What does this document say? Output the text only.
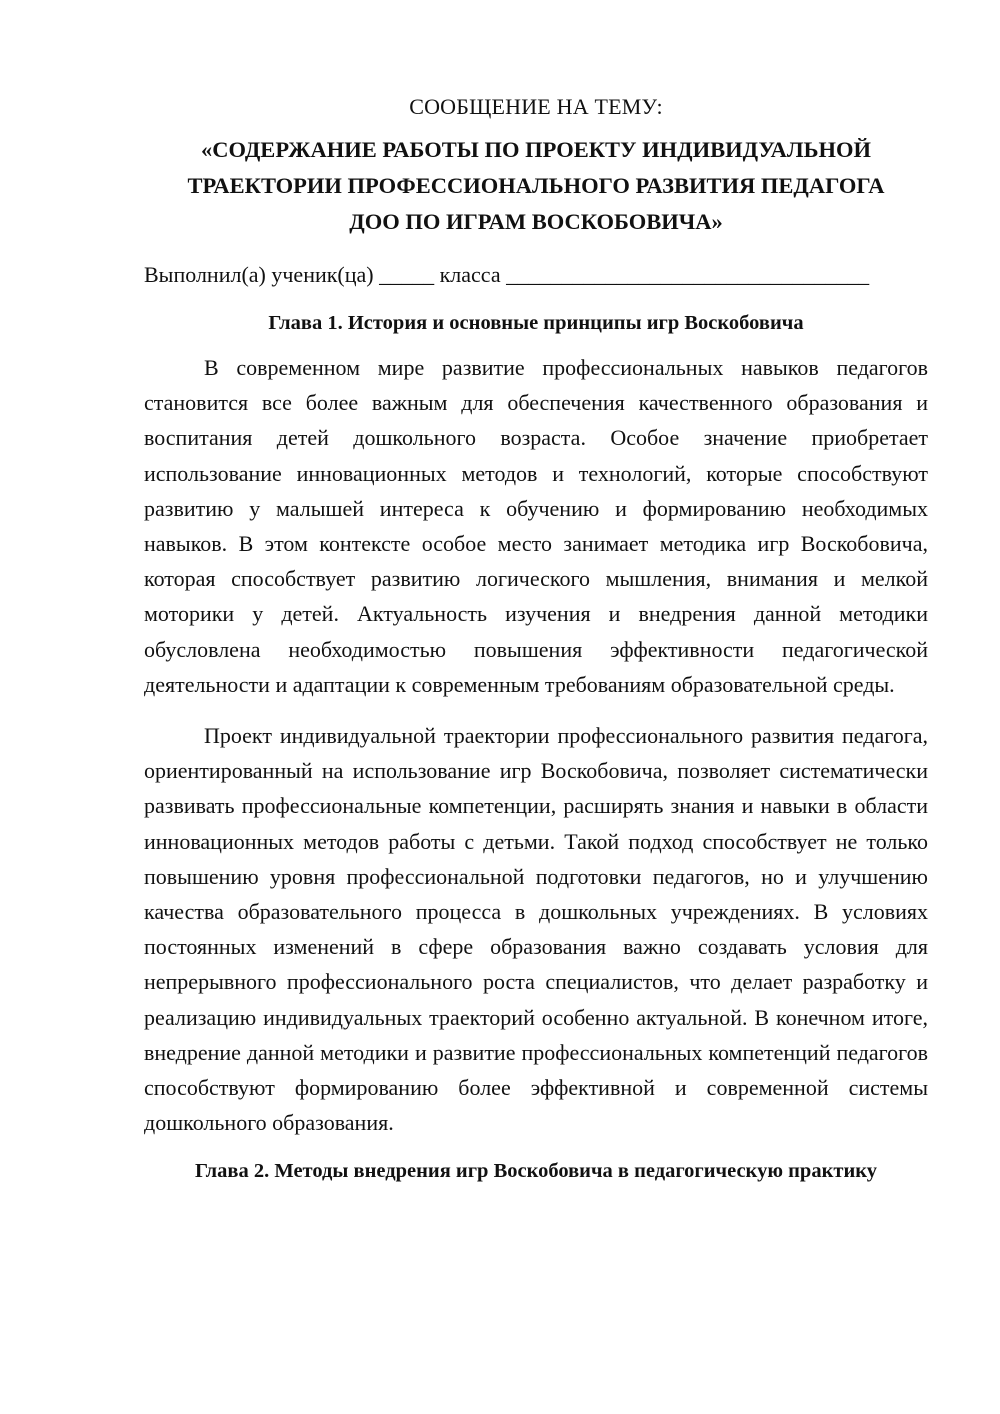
СООБЩЕНИЕ НА ТЕМУ:
«СОДЕРЖАНИЕ РАБОТЫ ПО ПРОЕКТУ ИНДИВИДУАЛЬНОЙ
ТРАЕКТОРИИ ПРОФЕССИОНАЛЬНОГО РАЗВИТИЯ ПЕДАГОГА
ДОО ПО ИГРАМ ВОСКОБОВИЧА»
Выполнил(а) ученик(ца) _____ класса _________________________________
Глава 1. История и основные принципы игр Воскобовича

В современном мире развитие профессиональных навыков педагогов становится все более важным для обеспечения качественного образования и воспитания детей дошкольного возраста. Особое значение приобретает использование инновационных методов и технологий, которые способствуют развитию у малышей интереса к обучению и формированию необходимых навыков. В этом контексте особое место занимает методика игр Воскобовича, которая способствует развитию логического мышления, внимания и мелкой моторики у детей. Актуальность изучения и внедрения данной методики обусловлена необходимостью повышения эффективности педагогической деятельности и адаптации к современным требованиям образовательной среды.

Проект индивидуальной траектории профессионального развития педагога, ориентированный на использование игр Воскобовича, позволяет систематически развивать профессиональные компетенции, расширять знания и навыки в области инновационных методов работы с детьми. Такой подход способствует не только повышению уровня профессиональной подготовки педагогов, но и улучшению качества образовательного процесса в дошкольных учреждениях. В условиях постоянных изменений в сфере образования важно создавать условия для непрерывного профессионального роста специалистов, что делает разработку и реализацию индивидуальных траекторий особенно актуальной. В конечном итоге, внедрение данной методики и развитие профессиональных компетенций педагогов способствуют формированию более эффективной и современной системы дошкольного образования.

Глава 2. Методы внедрения игр Воскобовича в педагогическую практику
